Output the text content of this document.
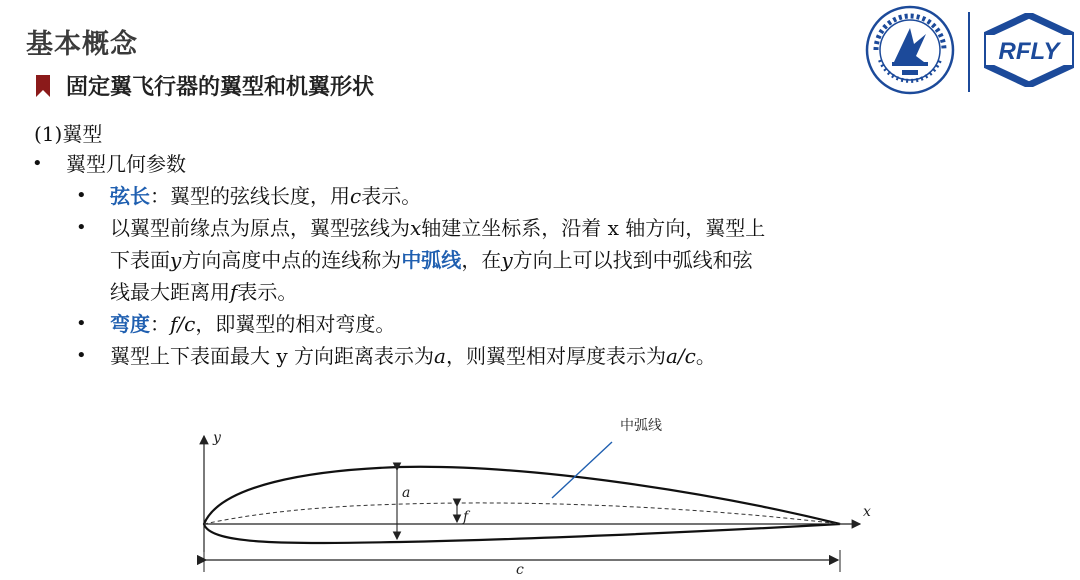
基本概念
固定翼飞行器的翼型和机翼形状
RFLY
(1)翼型
•	翼型几何参数
•	弦长：翼型的弦线长度，用c表示。
•	以翼型前缘点为原点，翼型弦线为x轴建立坐标系，沿着 x 轴方向，翼型上
下表面y方向高度中点的连线称为中弧线，在y方向上可以找到中弧线和弦
线最大距离用f表示。
•	弯度：f/c，即翼型的相对弯度。
•	翼型上下表面最大 y 方向距离表示为a，则翼型相对厚度表示为a/c。
y
x
a
f
中弧线
c
